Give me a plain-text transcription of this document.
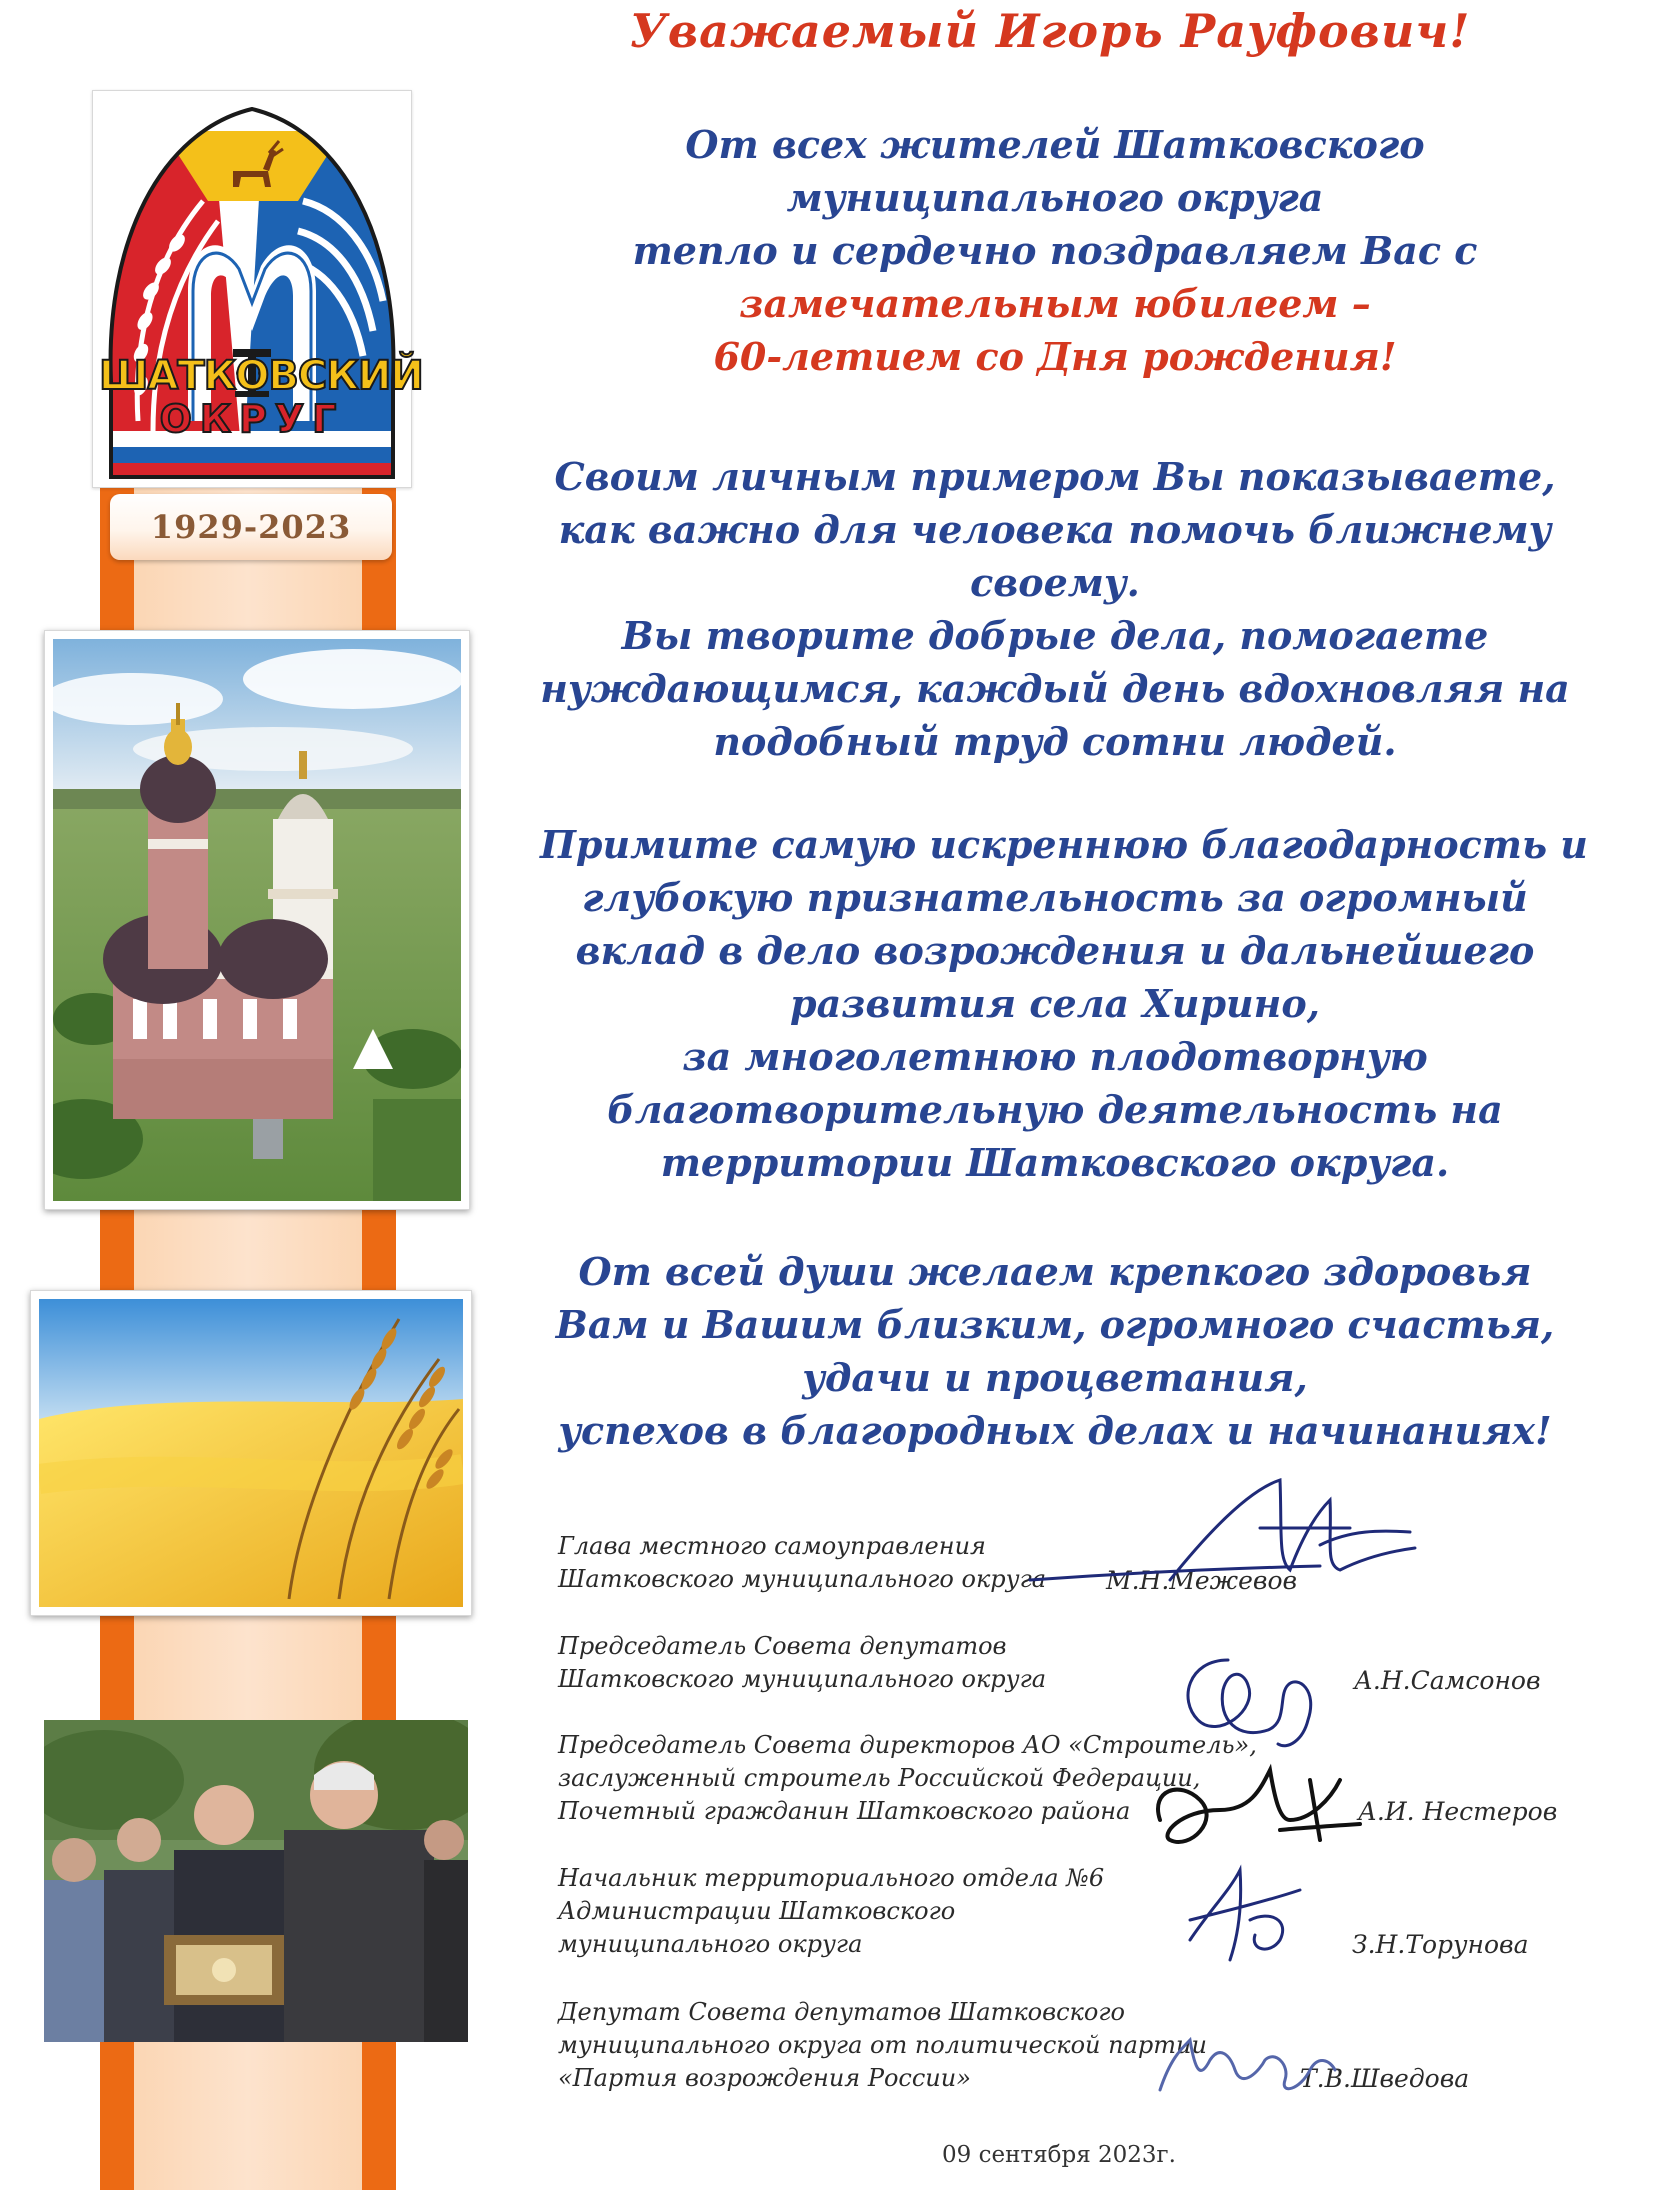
ШАТКОВСКИЙ
ОКРУГ
1929-2023
Уважаемый Игорь Рауфович!
От всех жителей Шатковского
муниципального округа
тепло и сердечно поздравляем Вас с
замечательным юбилеем –
60-летием со Дня рождения!
Своим личным примером Вы показываете,
как важно для человека помочь ближнему
своему.
Вы творите добрые дела, помогаете
нуждающимся, каждый день вдохновляя на
подобный труд сотни людей.
Примите самую искреннюю благодарность и
глубокую признательность за огромный
вклад в дело возрождения и дальнейшего
развития села Хирино,
за многолетнюю плодотворную
благотворительную деятельность на
территории Шатковского округа.
От всей души желаем крепкого здоровья
Вам и Вашим близким, огромного счастья,
удачи и процветания,
успехов в благородных делах и начинаниях!
Глава местного самоуправления
Шатковского муниципального округа М.Н.Межевов
Председатель Совета депутатов
Шатковского муниципального округа	А.Н.Самсонов
Председатель Совета директоров АО «Строитель»,
заслуженный строитель Российской Федерации,
Почетный гражданин Шатковского района	А.И. Нестеров
Начальник территориального отдела №6
Администрации Шатковского
муниципального округа	З.Н.Торунова
Депутат Совета депутатов Шатковского
муниципального округа от политической партии
«Партия возрождения России»	Т.В.Шведова
09 сентября 2023г.
